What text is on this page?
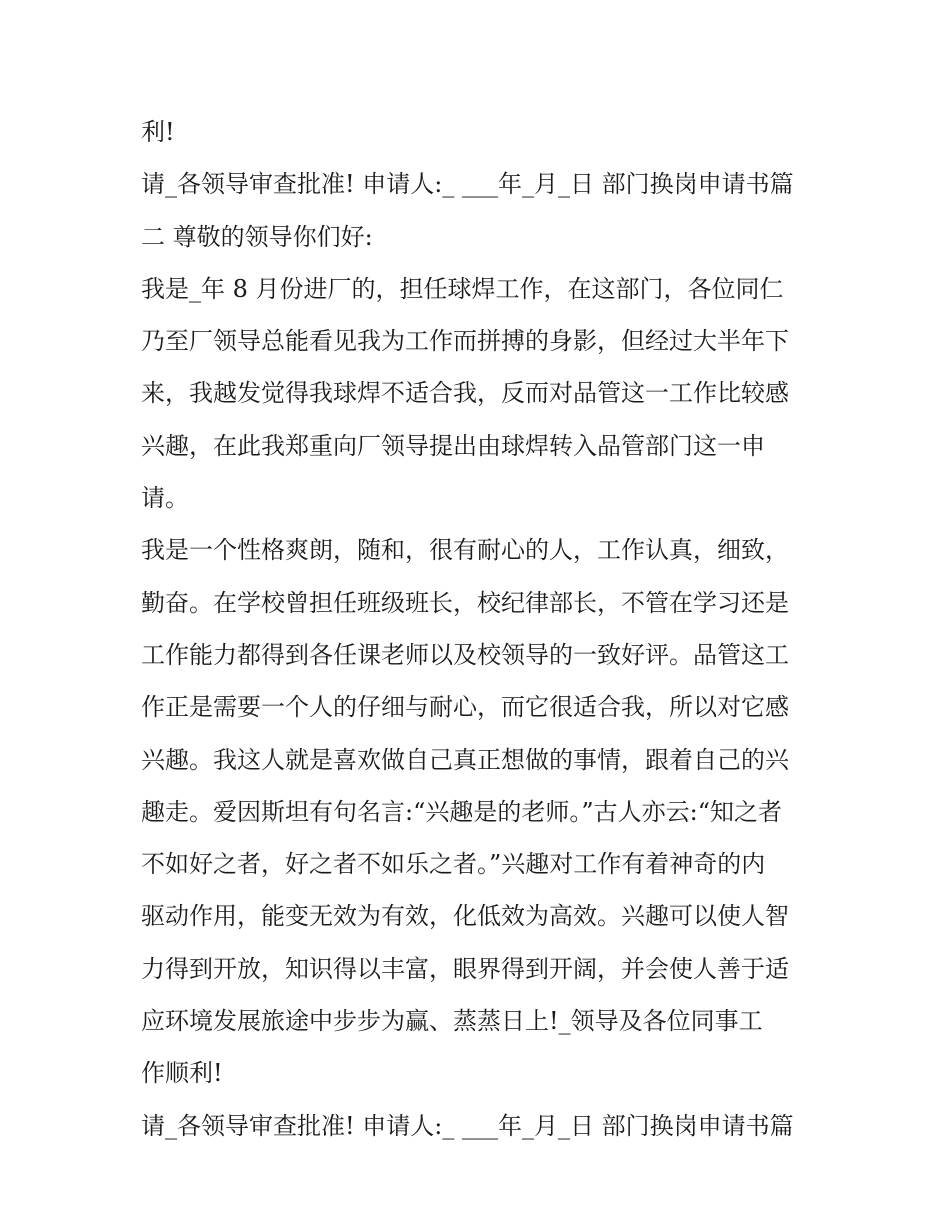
利!
请_各领导审查批准! 申请人:_ ___年_月_日 部门换岗申请书篇
二 尊敬的领导你们好:
我是_年 8 月份进厂的，担任球焊工作，在这部门，各位同仁
乃至厂领导总能看见我为工作而拼搏的身影，但经过大半年下
来，我越发觉得我球焊不适合我，反而对品管这一工作比较感
兴趣，在此我郑重向厂领导提出由球焊转入品管部门这一申
请。
我是一个性格爽朗，随和，很有耐心的人，工作认真，细致，
勤奋。在学校曾担任班级班长，校纪律部长，不管在学习还是
工作能力都得到各任课老师以及校领导的一致好评。品管这工
作正是需要一个人的仔细与耐心，而它很适合我，所以对它感
兴趣。我这人就是喜欢做自己真正想做的事情，跟着自己的兴
趣走。爱因斯坦有句名言:“兴趣是的老师。”古人亦云:“知之者
不如好之者，好之者不如乐之者。”兴趣对工作有着神奇的内
驱动作用，能变无效为有效，化低效为高效。兴趣可以使人智
力得到开放，知识得以丰富，眼界得到开阔，并会使人善于适
应环境发展旅途中步步为赢、蒸蒸日上!_领导及各位同事工
作顺利!
请_各领导审查批准! 申请人:_ ___年_月_日 部门换岗申请书篇
